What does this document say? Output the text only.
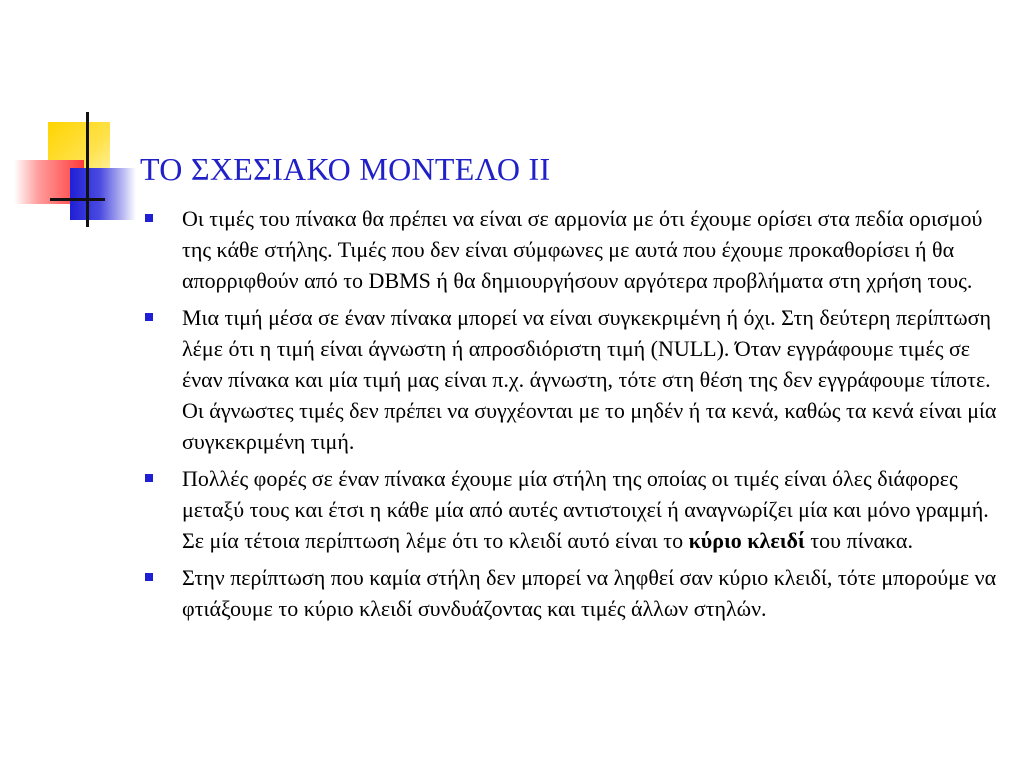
ΤΟ ΣΧΕΣΙΑΚΟ ΜΟΝΤΕΛΟ ΙΙ
Οι τιμές του πίνακα θα πρέπει να είναι σε αρμονία με ότι έχουμε ορίσει στα πεδία ορισμού της κάθε στήλης. Τιμές που δεν είναι σύμφωνες με αυτά που έχουμε προκαθορίσει ή θα απορριφθούν από το DBMS ή θα δημιουργήσουν αργότερα προβλήματα στη χρήση τους.
Μια τιμή μέσα σε έναν πίνακα μπορεί να είναι συγκεκριμένη ή όχι. Στη δεύτερη περίπτωση λέμε ότι η τιμή είναι άγνωστη ή απροσδιόριστη τιμή (NULL). Όταν εγγράφουμε τιμές σε έναν πίνακα και μία τιμή μας είναι π.χ. άγνωστη, τότε στη θέση της δεν εγγράφουμε τίποτε. Οι άγνωστες τιμές δεν πρέπει να συγχέονται με το μηδέν ή τα κενά, καθώς τα κενά είναι μία συγκεκριμένη τιμή.
Πολλές φορές σε έναν πίνακα έχουμε μία στήλη της οποίας οι τιμές είναι όλες διάφορες μεταξύ τους και έτσι η κάθε μία από αυτές αντιστοιχεί ή αναγνωρίζει μία και μόνο γραμμή. Σε μία τέτοια περίπτωση λέμε ότι το κλειδί αυτό είναι το κύριο κλειδί του πίνακα.
Στην περίπτωση που καμία στήλη δεν μπορεί να ληφθεί σαν κύριο κλειδί, τότε μπορούμε να φτιάξουμε το κύριο κλειδί συνδυάζοντας και τιμές άλλων στηλών.
